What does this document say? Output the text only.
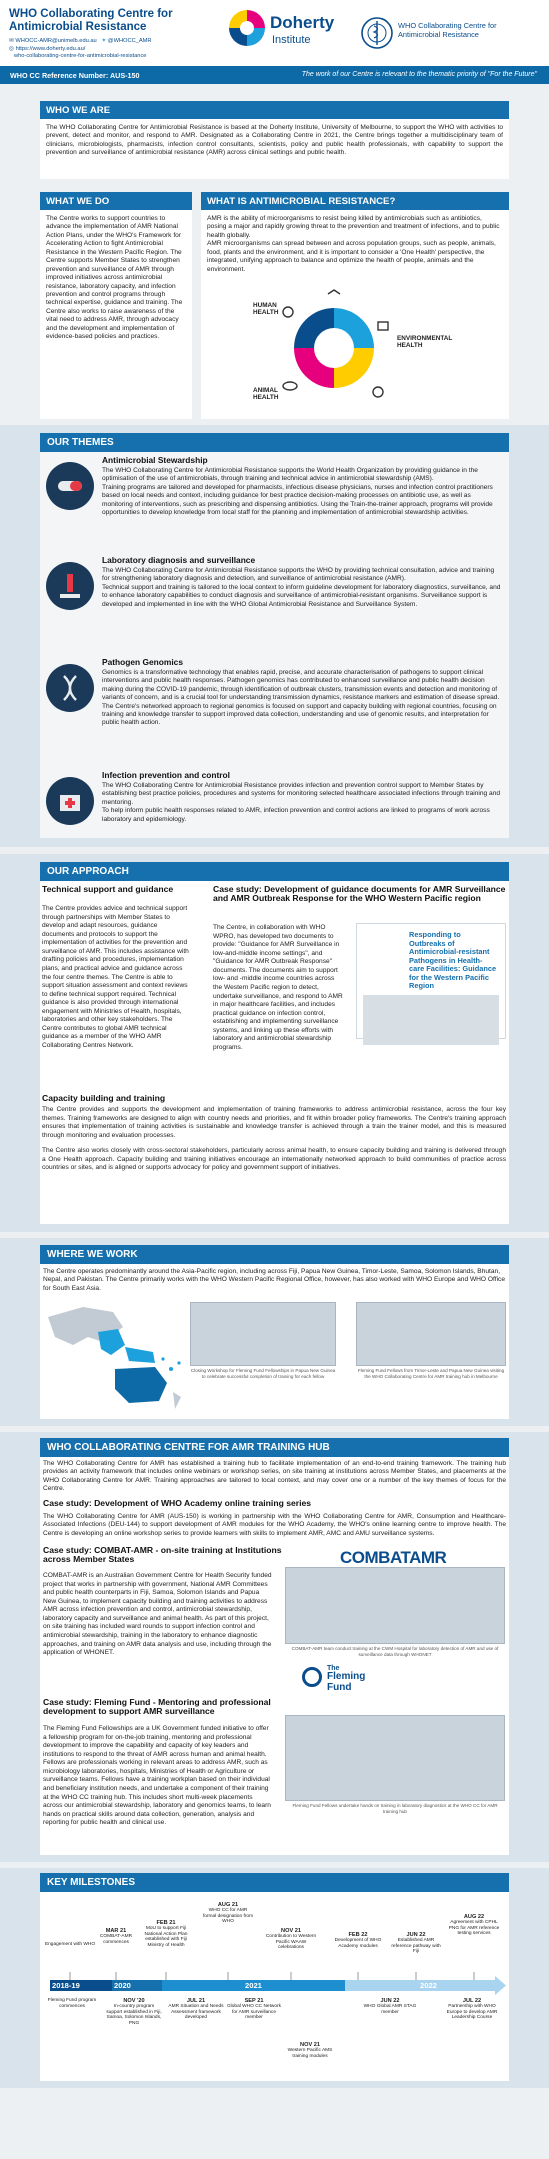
WHO Collaborating Centre for
Antimicrobial Resistance
✉ WHOCC-AMR@unimelb.edu.au ✦ @WHOCC_AMR
◎ https://www.doherty.edu.au/
who-collaborating-centre-for-antimicrobial-resistance
Doherty
Institute
WHO Collaborating Centre for
Antimicrobial Resistance
WHO CC Reference Number: AUS-150	The work of our Centre is relevant to the thematic priority of "For the Future"
WHO WE ARE
The WHO Collaborating Centre for Antimicrobial Resistance is based at the Doherty Institute, University of Melbourne, to support the WHO with activities to prevent, detect and monitor, and respond to AMR. Designated as a Collaborating Centre in 2021, the Centre brings together a multidisciplinary team of clinicians, microbiologists, pharmacists, infection control consultants, scientists, policy and public health professionals, with capability to support the prevention and surveillance of antimicrobial resistance (AMR) across clinical settings and public health.
WHAT WE DO
The Centre works to support countries to advance the implementation of AMR National Action Plans, under the WHO's Framework for Accelerating Action to fight Antimicrobial Resistance in the Western Pacific Region. The Centre supports Member States to strengthen prevention and surveillance of AMR through improved initiatives across antimicrobial resistance, laboratory capacity, and infection prevention and control programs through technical expertise, guidance and training. The Centre also works to raise awareness of the vital need to address AMR, through advocacy and the development and implementation of evidence-based policies and practices.
WHAT IS ANTIMICROBIAL RESISTANCE?
AMR is the ability of microorganisms to resist being killed by antimicrobials such as antibiotics, posing a major and rapidly growing threat to the prevention and treatment of infections, and to public health globally.
AMR microorganisms can spread between and across population groups, such as people, animals, food, plants and the environment, and it is important to consider a 'One Health' perspective, the integrated, unifying approach to balance and optimize the health of people, animals and the environment.
HUMAN HEALTH
ENVIRONMENTAL HEALTH
ANIMAL HEALTH
OUR THEMES
Antimicrobial Stewardship
The WHO Collaborating Centre for Antimicrobial Resistance supports the World Health Organization by providing guidance in the optimisation of the use of antimicrobials, through training and technical advice in antimicrobial stewardship (AMS).
Training programs are tailored and developed for pharmacists, infectious disease physicians, nurses and infection control practitioners based on local needs and context, including guidance for best practice decision-making processes on antibiotic use, as well as monitoring of interventions, such as prescribing and dispensing antibiotics. Using the Train-the-trainer approach, programs will provide opportunities to develop knowledge from local staff for the planning and implementation of antimicrobial stewardship activities.
Laboratory diagnosis and surveillance
The WHO Collaborating Centre for Antimicrobial Resistance supports the WHO by providing technical consultation, advice and training for strengthening laboratory diagnosis and detection, and surveillance of antimicrobial resistance (AMR).
Technical support and training is tailored to the local context to inform guideline development for laboratory diagnostics, surveillance, and to enhance laboratory capabilities to conduct diagnosis and surveillance of antimicrobial-resistant organisms. Surveillance support is developed and implemented in line with the WHO Global Antimicrobial Resistance and Surveillance System.
Pathogen Genomics
Genomics is a transformative technology that enables rapid, precise, and accurate characterisation of pathogens to support clinical interventions and public health responses. Pathogen genomics has contributed to enhanced surveillance and public health decision making during the COVID-19 pandemic, through identification of outbreak clusters, transmission events and detection and monitoring of variants of concern, and is a crucial tool for understanding transmission dynamics, resistance markers and estimation of disease spread.
The Centre's networked approach to regional genomics is focused on support and capacity building with regional countries, focusing on training and knowledge transfer to support improved data collection, understanding and use of genomic results, and interpretation for public health action.
Infection prevention and control
The WHO Collaborating Centre for Antimicrobial Resistance provides infection and prevention control support to Member States by establishing best practice policies, procedures and systems for monitoring selected healthcare associated infections through training and mentoring.
To help inform public health responses related to AMR, infection prevention and control actions are linked to programs of work across laboratory and epidemiology.
OUR APPROACH
Technical support and guidance
The Centre provides advice and technical support through partnerships with Member States to develop and adapt resources, guidance documents and protocols to support the implementation of activities for the prevention and surveillance of AMR. This includes assistance with drafting policies and procedures, implementation plans, and practical advice and guidance across the four centre themes. The Centre is able to support situation assessment and context reviews to define technical support required. Technical guidance is also provided through international engagement with Ministries of Health, hospitals, laboratories and other key stakeholders. The Centre contributes to global AMR technical guidance as a member of the WHO AMR Collaborating Centres Network.
Case study: Development of guidance documents for AMR Surveillance and AMR Outbreak Response for the WHO Western Pacific region
The Centre, in collaboration with WHO WPRO, has developed two documents to provide: "Guidance for AMR Surveillance in low-and-middle income settings", and "Guidance for AMR Outbreak Response" documents. The documents aim to support low- and -middle income countries across the Western Pacific region to detect, undertake surveillance, and respond to AMR in major healthcare facilities, and includes practical guidance on infection control, establishing and implementing surveillance systems, and linking up these efforts with laboratory and antimicrobial stewardship programs.
Responding to Outbreaks of Antimicrobial-resistant Pathogens in Health-care Facilities: Guidance for the Western Pacific Region
Capacity building and training
The Centre provides and supports the development and implementation of training frameworks to address antimicrobial resistance, across the four key themes. Training frameworks are designed to align with country needs and priorities, and fit within broader policy frameworks. The Centre's training approach ensures that implementation of training activities is sustainable and knowledge transfer is achieved through a train the trainer model, and this is measured through monitoring and evaluation processes.
The Centre also works closely with cross-sectoral stakeholders, particularly across animal health, to ensure capacity building and training is delivered through a One Health approach. Capacity building and training initiatives encourage an internationally networked approach to build communities of practice across countries or sites, and is aligned or supports advocacy for policy and government support of initiatives.
WHERE WE WORK
The Centre operates predominantly around the Asia-Pacific region, including across Fiji, Papua New Guinea, Timor-Leste, Samoa, Solomon Islands, Bhutan, Nepal, and Pakistan. The Centre primarily works with the WHO Western Pacific Regional Office, however, has also worked with WHO Europe and WHO Office for South East Asia.
Closing Workshop for Fleming Fund Fellowships in Papua New Guinea to celebrate successful completion of training for each fellow
Fleming Fund Fellows from Timor-Leste and Papua New Guinea visiting the WHO Collaborating Centre for AMR training hub in Melbourne
WHO COLLABORATING CENTRE FOR AMR TRAINING HUB
The WHO Collaborating Centre for AMR has established a training hub to facilitate implementation of an end-to-end training framework. The training hub provides an activity framework that includes online webinars or workshop series, on site training at institutions across Member States, and placements at the WHO Collaborating Centre for AMR. Training approaches are tailored to local context, and may cover one or a number of the key themes of focus for the Centre.
Case study: Development of WHO Academy online training series
The WHO Collaborating Centre for AMR (AUS-150) is working in partnership with the WHO Collaborating Centre for AMR, Consumption and Healthcare-Associated Infections (DEU-144) to support development of AMR modules for the WHO Academy, the WHO's online learning centre to improve health. The Centre is developing an online workshop series to provide learners with skills to implement AMR, AMC and AMU surveillance systems.
Case study: COMBAT-AMR - on-site training at Institutions across Member States
COMBAT-AMR is an Australian Government Centre for Health Security funded project that works in partnership with government, National AMR Committees and public health counterparts in Fiji, Samoa, Solomon Islands and Papua New Guinea, to implement capacity building and training activities to address AMR across infection prevention and control, antimicrobial stewardship, laboratory capacity and surveillance and animal health. As part of this project, on site training has included ward rounds to support infection control and antimicrobial stewardship, training in the laboratory to enhance diagnostic approaches, and training on AMR data analysis and use, including through the application of WHONET.
COMBATAMR
COMBAT-AMR team conduct training at the CWM Hospital for laboratory detection of AMR and use of surveillance data through WHONET
Case study: Fleming Fund - Mentoring and professional development to support AMR surveillance
The Fleming Fund Fellowships are a UK Government funded initiative to offer a fellowship program for on-the-job training, mentoring and professional development to improve the capability and capacity of key leaders and institutions to respond to the threat of AMR across human and animal health. Fellows are professionals working in relevant areas to address AMR, such as microbiology laboratories, hospitals, Ministries of Health or Agriculture or surveillance teams. Fellows have a training workplan based on their individual and beneficiary institution needs, and undertake a component of their training at the WHO CC training hub. This includes short multi-week placements across our antimicrobial stewardship, laboratory and genomics teams, to learn hands on practical skills around data collection, generation, analysis and reporting for public health and clinical use.
The
Fleming
Fund
Fleming Fund Fellows undertake hands on training in laboratory diagnostics at the WHO CC for AMR training hub
KEY MILESTONES
2018-19	2020	2021	2022
Engagement with WHO
MAR 21
COMBAT-AMR commences
FEB 21
MoU to support Fiji National Action Plan established with Fiji Ministry of Health
AUG 21
WHO CC for AMR formal designation from WHO
NOV 21
Contribution to Western Pacific WAAW celebrations
FEB 22
Development of WHO Academy modules
JUN 22
Established AMR reference pathway with Fiji
AUG 22
Agreement with CPHL PNG for AMR reference testing services
Fleming Fund program commences
NOV '20
In-country program support established in Fiji, Samoa, Solomon Islands, PNG
JUL 21
AMR Situation and Needs Assessment framework developed
SEP 21
Global WHO CC Network for AMR surveillance member
NOV 21
Western Pacific AMS training modules
JUN 22
WHO Global AMR STAG member
JUL 22
Partnership with WHO Europe to develop AMR Leadership Course
